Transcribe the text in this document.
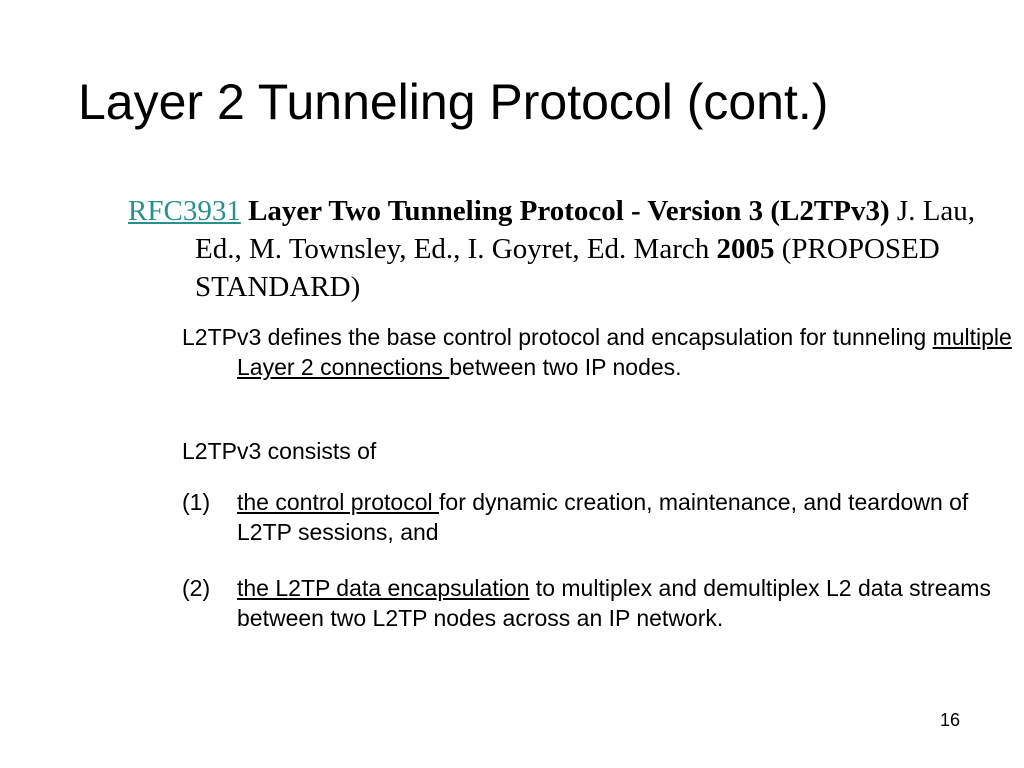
Layer 2 Tunneling Protocol (cont.)
RFC3931 Layer Two Tunneling Protocol - Version 3 (L2TPv3) J. Lau, Ed., M. Townsley, Ed., I. Goyret, Ed. March 2005 (PROPOSED STANDARD)
L2TPv3 defines the base control protocol and encapsulation for tunneling multiple Layer 2 connections between two IP nodes.
L2TPv3 consists of
(1)	the control protocol for dynamic creation, maintenance, and teardown of L2TP sessions, and
(2)	the L2TP data encapsulation to multiplex and demultiplex L2 data streams between two L2TP nodes across an IP network.
16
